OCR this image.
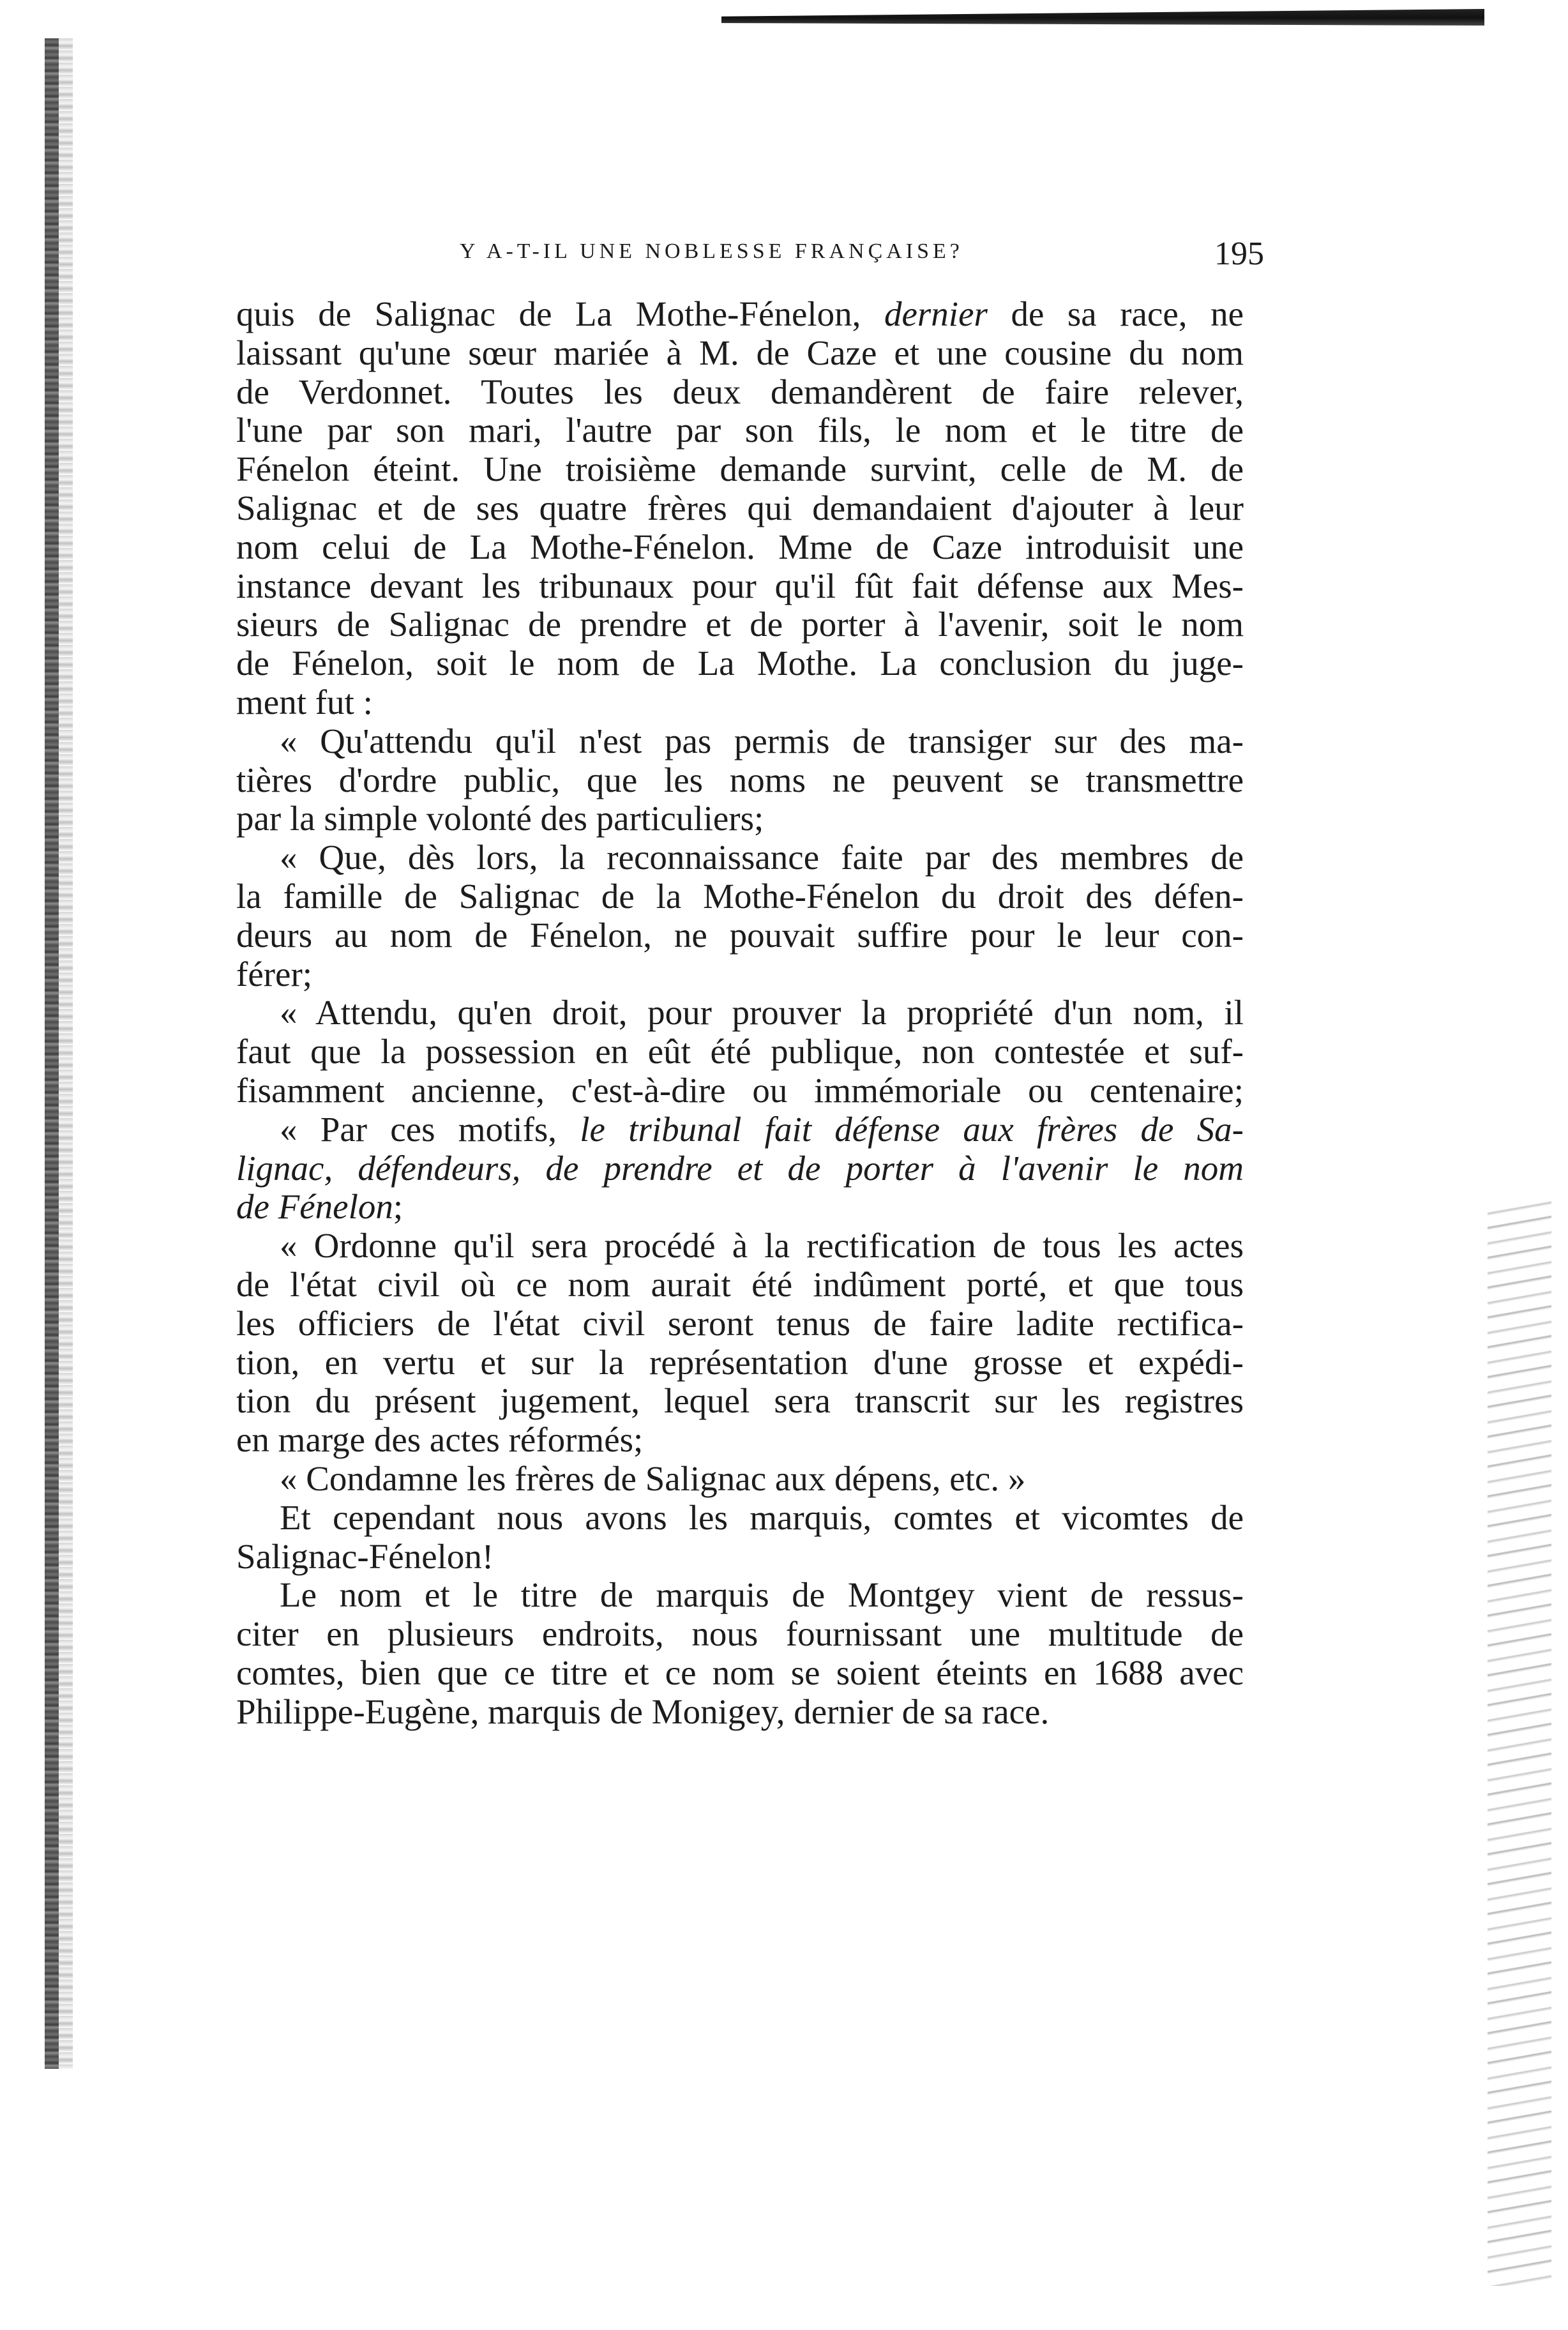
Y A-T-IL UNE NOBLESSE FRANÇAISE?	195
quis de Salignac de La Mothe-Fénelon, dernier de sa race, ne
laissant qu'une sœur mariée à M. de Caze et une cousine du nom
de Verdonnet. Toutes les deux demandèrent de faire relever,
l'une par son mari, l'autre par son fils, le nom et le titre de
Fénelon éteint. Une troisième demande survint, celle de M. de
Salignac et de ses quatre frères qui demandaient d'ajouter à leur
nom celui de La Mothe-Fénelon. Mme de Caze introduisit une
instance devant les tribunaux pour qu'il fût fait défense aux Mes-
sieurs de Salignac de prendre et de porter à l'avenir, soit le nom
de Fénelon, soit le nom de La Mothe. La conclusion du juge-
ment fut :
« Qu'attendu qu'il n'est pas permis de transiger sur des ma-
tières d'ordre public, que les noms ne peuvent se transmettre
par la simple volonté des particuliers;
« Que, dès lors, la reconnaissance faite par des membres de
la famille de Salignac de la Mothe-Fénelon du droit des défen-
deurs au nom de Fénelon, ne pouvait suffire pour le leur con-
férer;
« Attendu, qu'en droit, pour prouver la propriété d'un nom, il
faut que la possession en eût été publique, non contestée et suf-
fisamment ancienne, c'est-à-dire ou immémoriale ou centenaire;
« Par ces motifs, le tribunal fait défense aux frères de Sa-
lignac, défendeurs, de prendre et de porter à l'avenir le nom
de Fénelon;
« Ordonne qu'il sera procédé à la rectification de tous les actes
de l'état civil où ce nom aurait été indûment porté, et que tous
les officiers de l'état civil seront tenus de faire ladite rectifica-
tion, en vertu et sur la représentation d'une grosse et expédi-
tion du présent jugement, lequel sera transcrit sur les registres
en marge des actes réformés;
« Condamne les frères de Salignac aux dépens, etc. »
Et cependant nous avons les marquis, comtes et vicomtes de
Salignac-Fénelon!
Le nom et le titre de marquis de Montgey vient de ressus-
citer en plusieurs endroits, nous fournissant une multitude de
comtes, bien que ce titre et ce nom se soient éteints en 1688 avec
Philippe-Eugène, marquis de Monigey, dernier de sa race.
